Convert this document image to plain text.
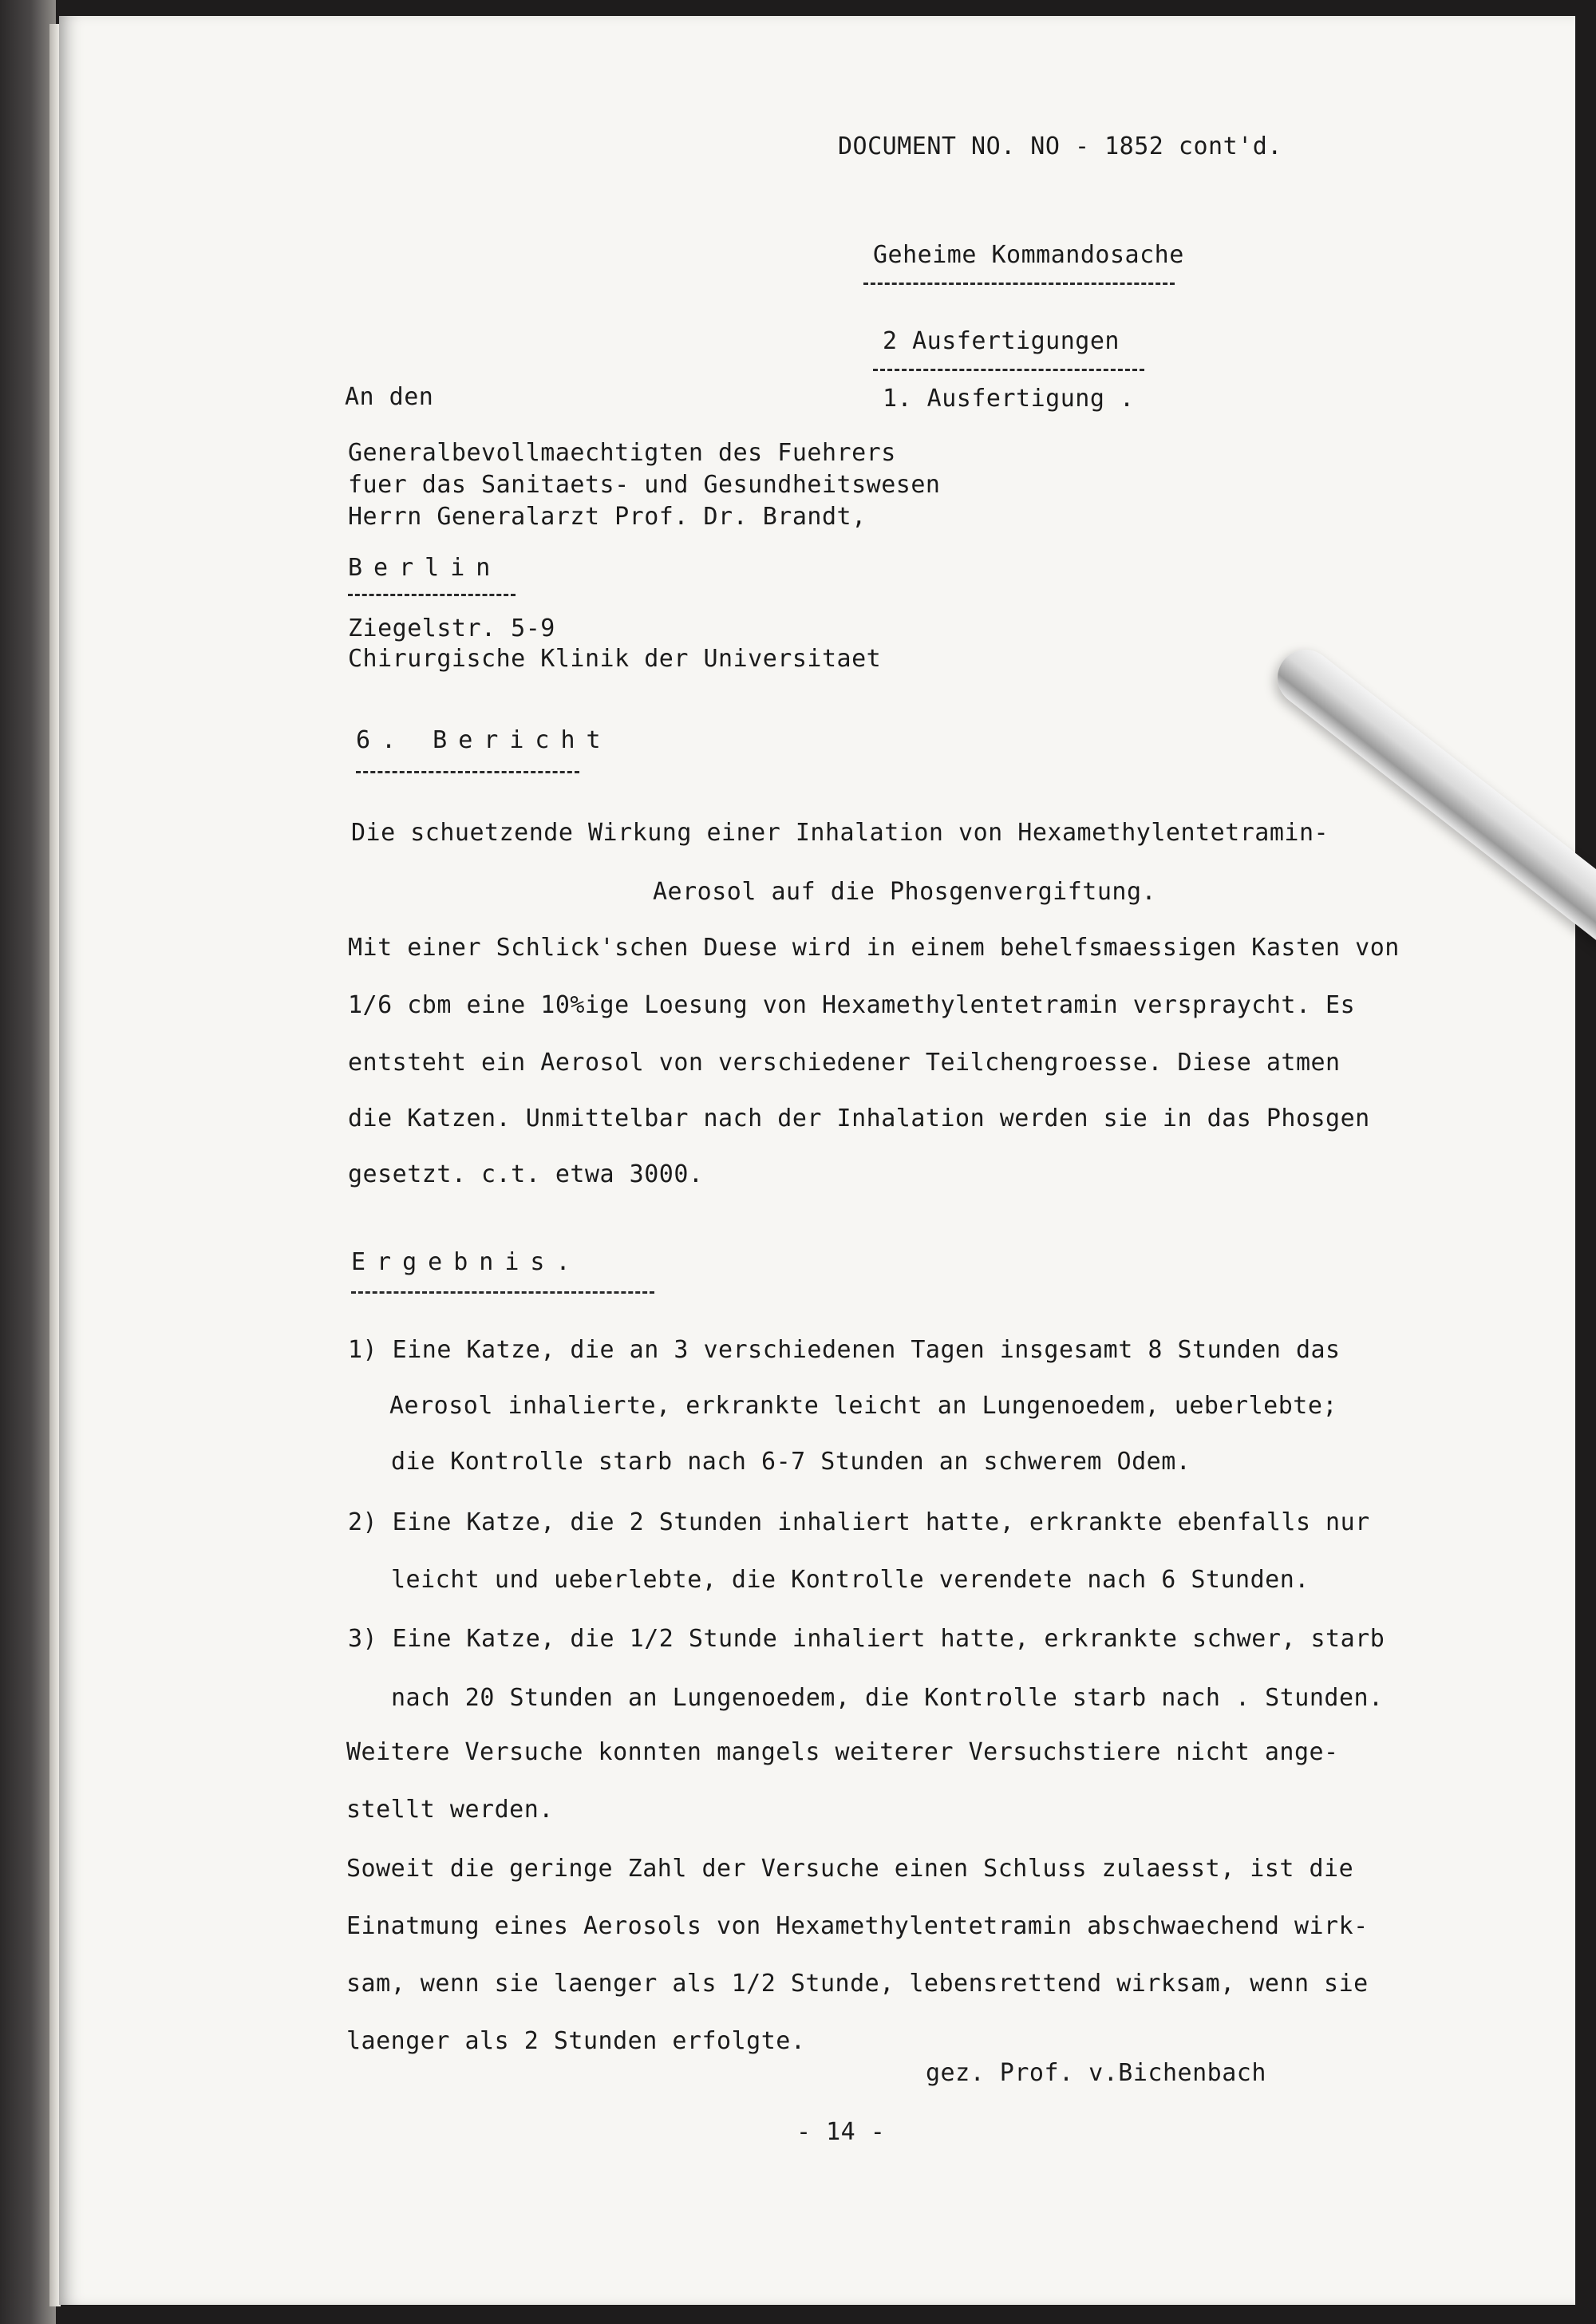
DOCUMENT NO. NO - 1852 cont'd.
Geheime Kommandosache
2 Ausfertigungen
1. Ausfertigung .
An den
Generalbevollmaechtigten des Fuehrers
fuer das Sanitaets- und Gesundheitswesen
Herrn Generalarzt Prof. Dr. Brandt,
Berlin
Ziegelstr. 5-9
Chirurgische Klinik der Universitaet
6. Bericht
Die schuetzende Wirkung einer Inhalation von Hexamethylentetramin-
Aerosol auf die Phosgenvergiftung.
Mit einer Schlick'schen Duese wird in einem behelfsmaessigen Kasten von
1/6 cbm eine 10%ige Loesung von Hexamethylentetramin verspraycht. Es
entsteht ein Aerosol von verschiedener Teilchengroesse. Diese atmen
die Katzen. Unmittelbar nach der Inhalation werden sie in das Phosgen
gesetzt. c.t. etwa 3000.
Ergebnis.
1) Eine Katze, die an 3 verschiedenen Tagen insgesamt 8 Stunden das
Aerosol inhalierte, erkrankte leicht an Lungenoedem, ueberlebte;
die Kontrolle starb nach 6-7 Stunden an schwerem Odem.
2) Eine Katze, die 2 Stunden inhaliert hatte, erkrankte ebenfalls nur
leicht und ueberlebte, die Kontrolle verendete nach 6 Stunden.
3) Eine Katze, die 1/2 Stunde inhaliert hatte, erkrankte schwer, starb
nach 20 Stunden an Lungenoedem, die Kontrolle starb nach . Stunden.
Weitere Versuche konnten mangels weiterer Versuchstiere nicht ange-
stellt werden.
Soweit die geringe Zahl der Versuche einen Schluss zulaesst, ist die
Einatmung eines Aerosols von Hexamethylentetramin abschwaechend wirk-
sam, wenn sie laenger als 1/2 Stunde, lebensrettend wirksam, wenn sie
laenger als 2 Stunden erfolgte.
gez. Prof. v.Bichenbach
- 14 -
